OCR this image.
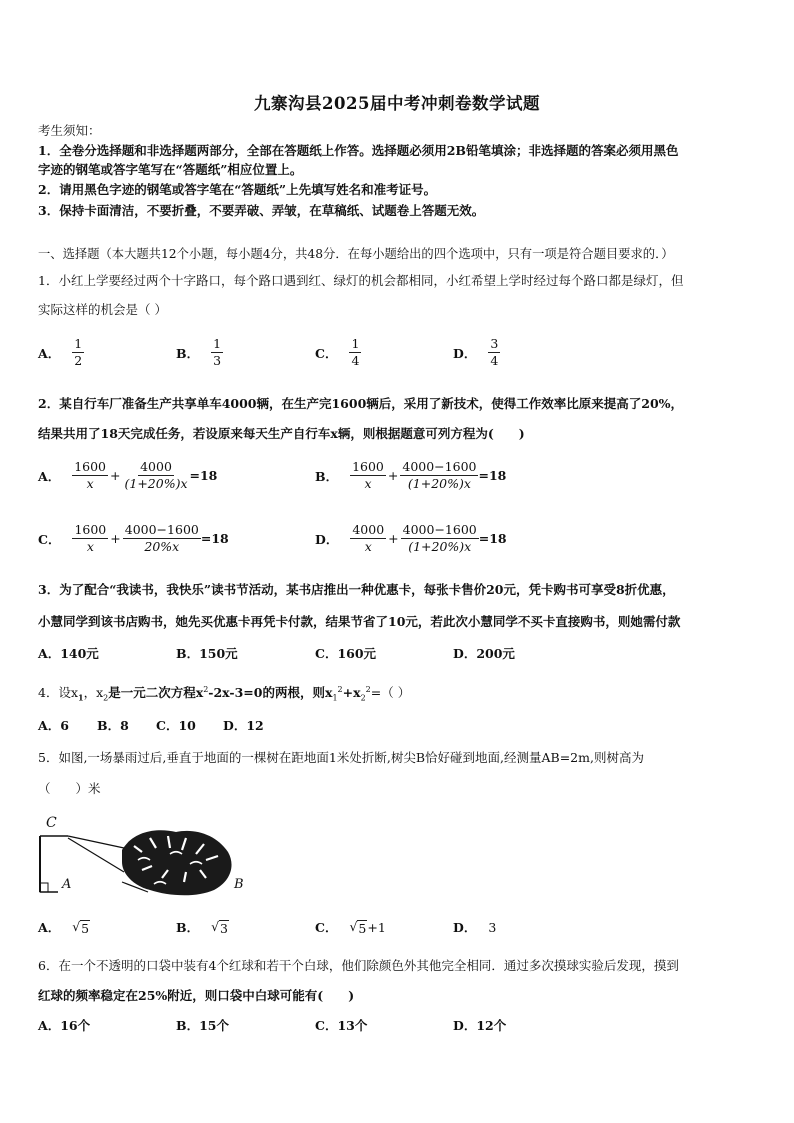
九寨沟县2025届中考冲刺卷数学试题
考生须知：
1．全卷分选择题和非选择题两部分，全部在答题纸上作答。选择题必须用2B铅笔填涂；非选择题的答案必须用黑色
字迹的钢笔或答字笔写在“答题纸”相应位置上。
2．请用黑色字迹的钢笔或答字笔在“答题纸”上先填写姓名和准考证号。
3．保持卡面清洁，不要折叠，不要弄破、弄皱，在草稿纸、试题卷上答题无效。
一、选择题（本大题共12个小题，每小题4分，共48分．在每小题给出的四个选项中，只有一项是符合题目要求的．）
1．小红上学要经过两个十字路口，每个路口遇到红、绿灯的机会都相同，小红希望上学时经过每个路口都是绿灯，但
实际这样的机会是（ ）
A． $\frac{1}{2}$	B． $\frac{1}{3}$	C． $\frac{1}{4}$	D． $\frac{3}{4}$
2．某自行车厂准备生产共享单车4000辆，在生产完1600辆后，采用了新技术，使得工作效率比原来提高了20%，
结果共用了18天完成任务，若设原来每天生产自行车x辆，则根据题意可列方程为(　　)
A． $\frac{1600}{x} + \frac{4000}{(1+20\%)x} =18$	B． $\frac{1600}{x} + \frac{4000-1600}{(1+20\%)x} =18$
C． $\frac{1600}{x} + \frac{4000-1600}{20\%x} =18$	D． $\frac{4000}{x} + \frac{4000-1600}{(1+20\%)x} =18$
3．为了配合“我读书，我快乐”读书节活动，某书店推出一种优惠卡，每张卡售价20元，凭卡购书可享受8折优惠，
小慧同学到该书店购书，她先买优惠卡再凭卡付款，结果节省了10元，若此次小慧同学不买卡直接购书，则她需付款
A．140元	B．150元	C．160元	D．200元
4．设$x_1$，$x_2$是一元二次方程$x^2-2x-3=0$的两根，则$x_1^2+x_2^2=$（ ）
A．6 B．8 C．10 D．12
5．如图,一场暴雨过后,垂直于地面的一棵树在距地面1米处折断,树尖B恰好碰到地面,经测量AB=2m,则树高为
（　　）米
C
A	B
A． √ 5	B． √ 3	C． √ 5 +1	D． 3
6．在一个不透明的口袋中装有4个红球和若干个白球，他们除颜色外其他完全相同．通过多次摸球实验后发现，摸到
红球的频率稳定在25%附近，则口袋中白球可能有(　　)
A．16个	B．15个	C．13个	D．12个
